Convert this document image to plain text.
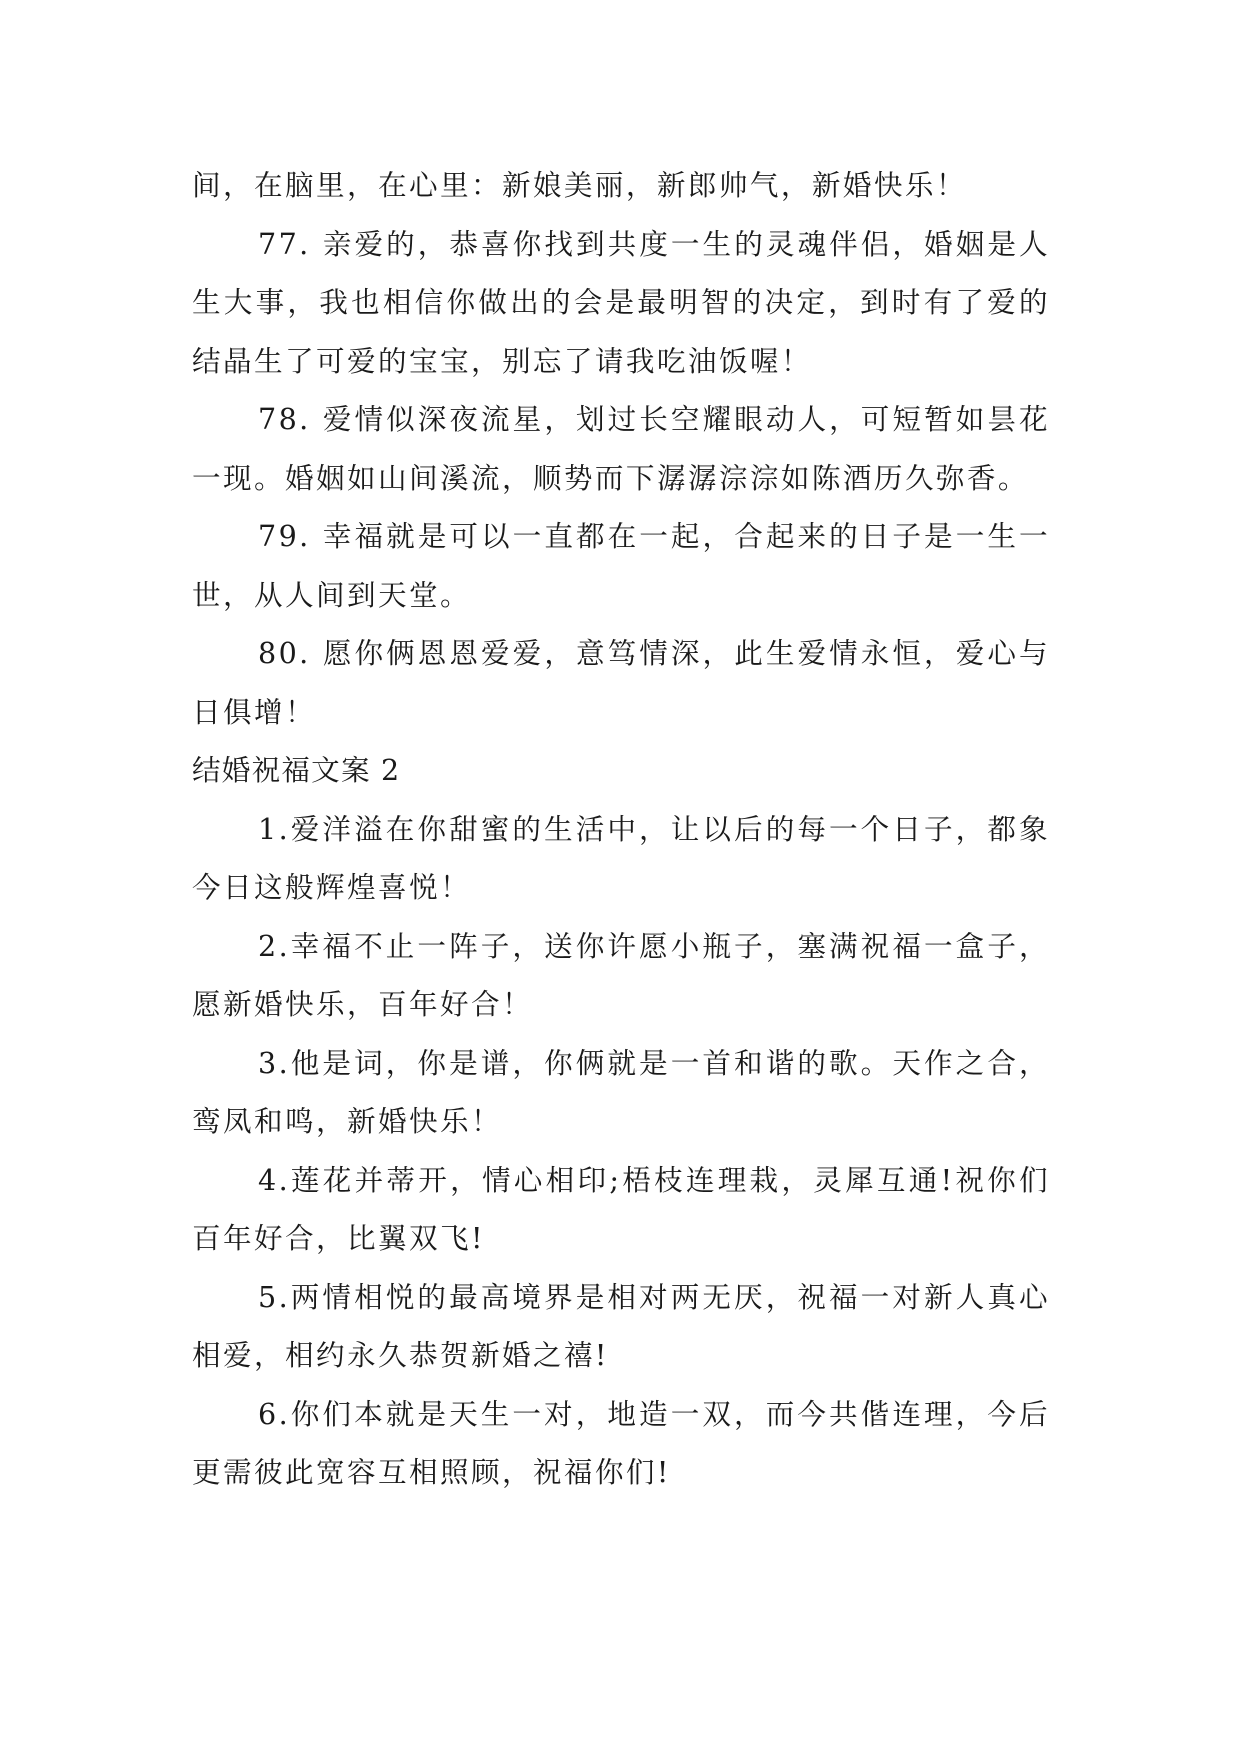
间，在脑里，在心里：新娘美丽，新郎帅气，新婚快乐！

77. 亲爱的，恭喜你找到共度一生的灵魂伴侣，婚姻是人生大事，我也相信你做出的会是最明智的决定，到时有了爱的结晶生了可爱的宝宝，别忘了请我吃油饭喔！

78. 爱情似深夜流星，划过长空耀眼动人，可短暂如昙花一现。婚姻如山间溪流，顺势而下潺潺淙淙如陈酒历久弥香。

79. 幸福就是可以一直都在一起，合起来的日子是一生一世，从人间到天堂。

80. 愿你俩恩恩爱爱，意笃情深，此生爱情永恒，爱心与日俱增！

结婚祝福文案 2

1.爱洋溢在你甜蜜的生活中，让以后的每一个日子，都象今日这般辉煌喜悦！

2.幸福不止一阵子，送你许愿小瓶子，塞满祝福一盒子，愿新婚快乐，百年好合！

3.他是词，你是谱，你俩就是一首和谐的歌。天作之合，鸾凤和鸣，新婚快乐！

4.莲花并蒂开，情心相印;梧枝连理栽，灵犀互通!祝你们百年好合，比翼双飞!

5.两情相悦的最高境界是相对两无厌，祝福一对新人真心相爱，相约永久恭贺新婚之禧!

6.你们本就是天生一对，地造一双，而今共偕连理，今后更需彼此宽容互相照顾，祝福你们!
